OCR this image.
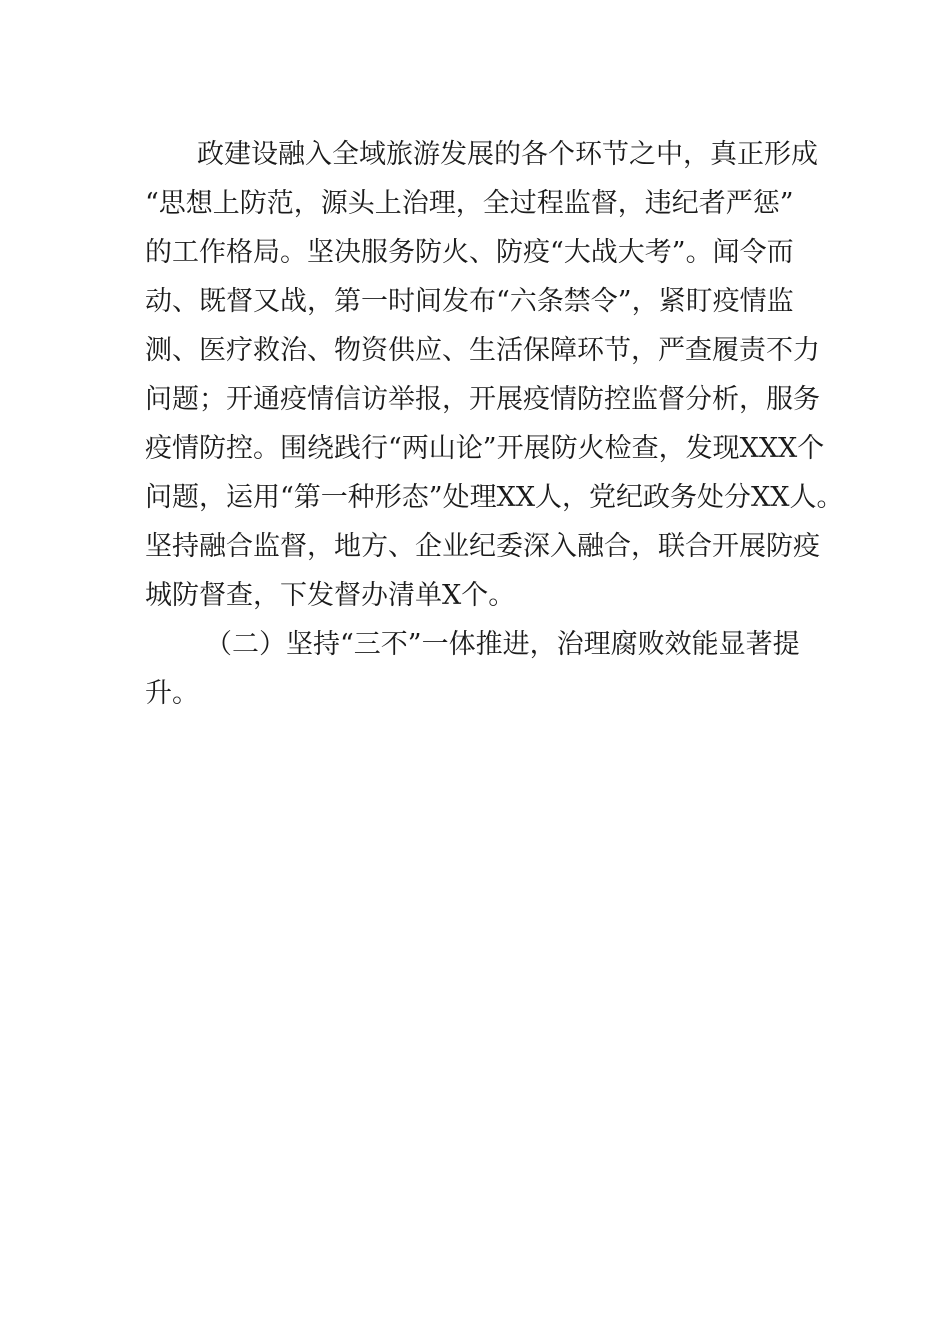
政建设融入全域旅游发展的各个环节之中，真正形成
“思想上防范，源头上治理，全过程监督，违纪者严惩”
的工作格局。坚决服务防火、防疫“大战大考”。闻令而
动、既督又战，第一时间发布“六条禁令”，紧盯疫情监
测、医疗救治、物资供应、生活保障环节，严查履责不力
问题；开通疫情信访举报，开展疫情防控监督分析，服务
疫情防控。围绕践行“两山论”开展防火检查，发现XXX个
问题，运用“第一种形态”处理XX人，党纪政务处分XX人。
坚持融合监督，地方、企业纪委深入融合，联合开展防疫
城防督查，下发督办清单X个。
（二）坚持“三不”一体推进，治理腐败效能显著提
升。
